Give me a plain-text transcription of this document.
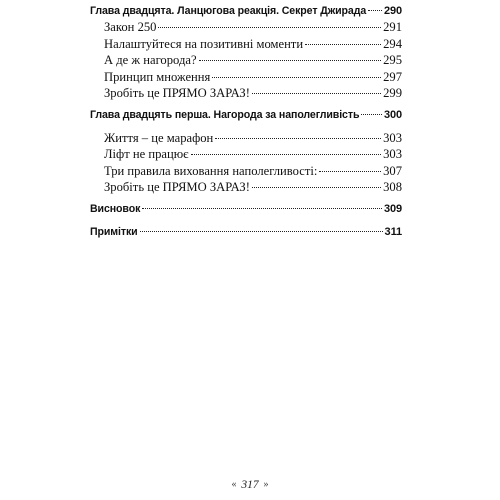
Глава двадцята. Ланцюгова реакція. Секрет Джирада 290
Закон 250	291
Налаштуйтеся на позитивні моменти	294
А де ж нагорода?	295
Принцип множення	297
Зробіть це ПРЯМО ЗАРАЗ!	299
Глава двадцять перша. Нагорода за наполегливість 300
Життя – це марафон	303
Ліфт не працює	303
Три правила виховання наполегливості:	307
Зробіть це ПРЯМО ЗАРАЗ!	308
Висновок	309
Примітки	311
« 317 »
